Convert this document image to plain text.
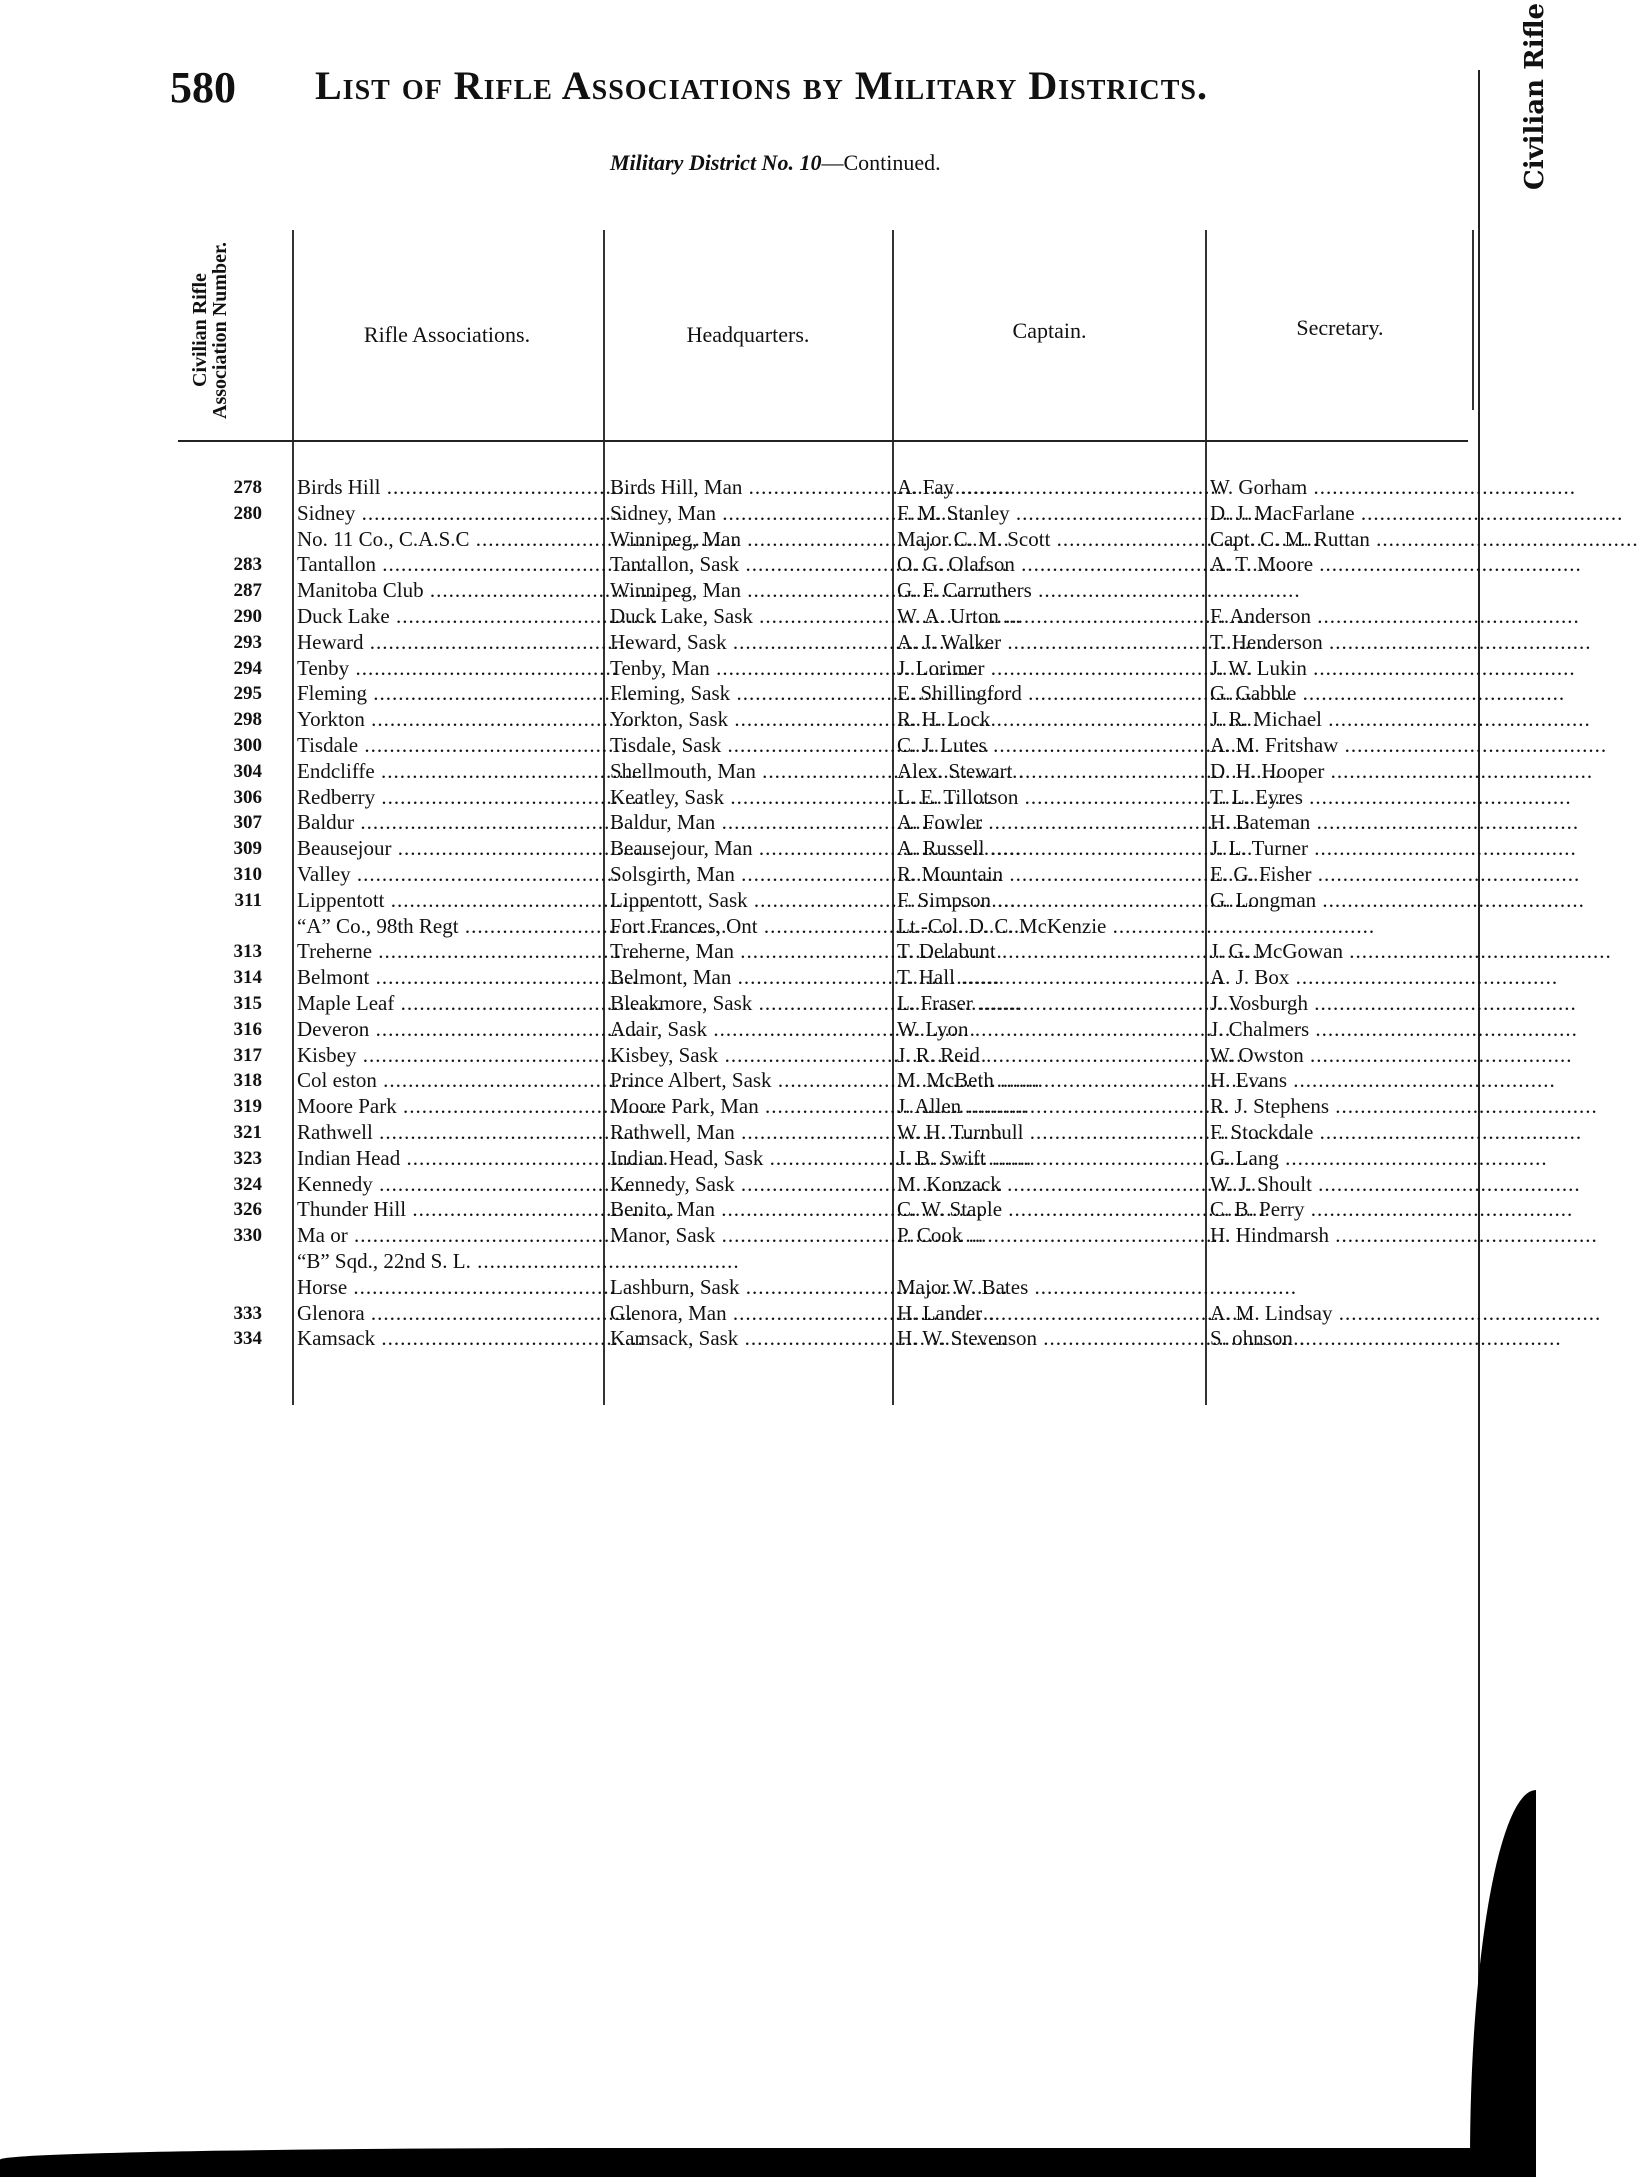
580 List of Rifle Associations by Military Districts.
Military District No. 10—Continued.	Civilian Rifle
Civilian Rifle Association Number.	Rifle Associations.	Headquarters.	Captain.	Secretary.
278 Birds Hill .....	Birds Hill, Man .....	A. Fay .....	W. Gorham .....
280 Sidney .....	Sidney, Man .....	F. M. Stanley .....	D. J. MacFarlane .....
No. 11 Co., C.A.S.C .....	Winnipeg, Man .....	Major C. M. Scott .....	Capt. C. M. Ruttan .....
283 Tantallon .....	Tantallon, Sask .....	O. G. Olafson .....	A. T. Moore .....
287 Manitoba Club .....	Winnipeg, Man .....	G. F. Carruthers .....
290 Duck Lake .....	Duck Lake, Sask .....	W. A. Urton .....	F. Anderson .....
293 Heward .....	Heward, Sask .....	A. J. Walker .....	T. Henderson .....
294 Tenby .....	Tenby, Man .....	J. Lorimer .....	J. W. Lukin .....
295 Fleming .....	Fleming, Sask .....	E. Shillingford .....	G. Gabble .....
298 Yorkton .....	Yorkton, Sask .....	R. H. Lock .....	J. R. Michael .....
300 Tisdale .....	Tisdale, Sask .....	C. J. Lutes .....	A. M. Fritshaw .....
304 Endcliffe .....	Shellmouth, Man .....	Alex. Stewart .....	D. H. Hooper .....
306 Redberry .....	Keatley, Sask .....	L. E. Tillotson .....	T. L. Eyres .....
307 Baldur .....	Baldur, Man .....	A. Fowler .....	H. Bateman .....
309 Beausejour .....	Beausejour, Man .....	A. Russell .....	J. L. Turner .....
310 Valley .....	Solsgirth, Man .....	R. Mountain .....	E. G. Fisher .....
311 Lippentott .....	Lippentott, Sask .....	F. Simpson .....	G. Longman .....
“A” Co., 98th Regt .....	Fort Frances, Ont .....	Lt.-Col. D. C. McKenzie .....
313 Treherne .....	Treherne, Man .....	T. Delabunt .....	J. G. McGowan .....
314 Belmont .....	Belmont, Man .....	T. Hall .....	A. J. Box .....
315 Maple Leaf .....	Bleakmore, Sask .....	L. Fraser .....	J. Vosburgh .....
316 Deveron .....	Adair, Sask .....	W. Lyon .....	J. Chalmers .....
317 Kisbey .....	Kisbey, Sask .....	J. R. Reid .....	W. Owston .....
318 Col eston .....	Prince Albert, Sask .....	M. McBeth .....	H. Evans .....
319 Moore Park .....	Moore Park, Man .....	J. Allen .....	R. J. Stephens .....
321 Rathwell .....	Rathwell, Man .....	W. H. Turnbull .....	F. Stockdale .....
323 Indian Head .....	Indian Head, Sask .....	J. B. Swift .....	G. Lang .....
324 Kennedy .....	Kennedy, Sask .....	M. Konzack .....	W. J. Shoult .....
326 Thunder Hill .....	Benito, Man .....	C. W. Staple .....	C. B. Perry .....
330 Ma or .....	Manor, Sask .....	P. Cook .....	H. Hindmarsh .....
“B” Sqd., 22nd S. L. .....
Horse .....	Lashburn, Sask .....	Major W. Bates .....
333 Glenora .....	Glenora, Man .....	H. Lander .....	A. M. Lindsay .....
334 Kamsack .....	Kamsack, Sask .....	H. W. Stevenson .....	S. ohnson .....
